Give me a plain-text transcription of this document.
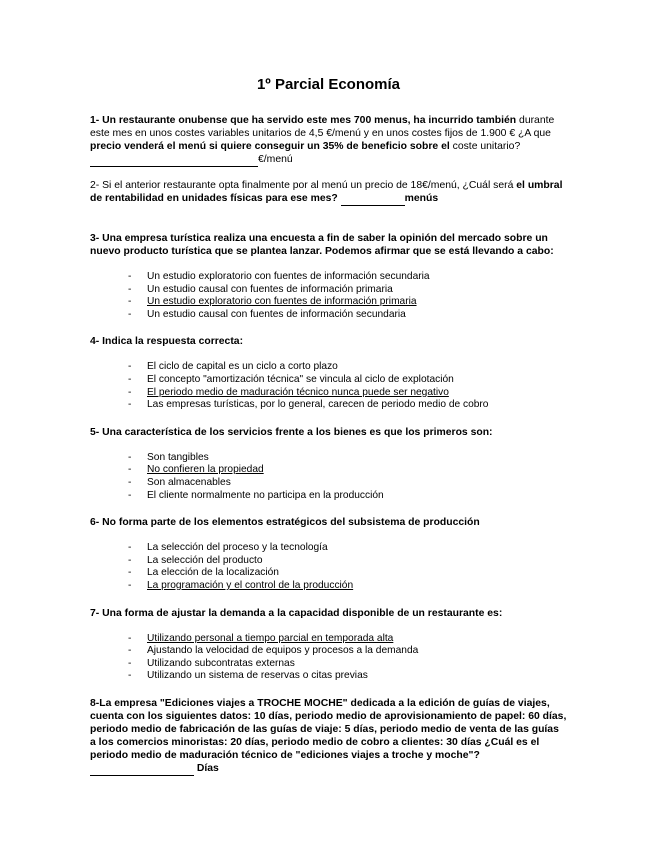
1º Parcial Economía

1- Un restaurante onubense que ha servido este mes 700 menus, ha incurrido también durante este mes en unos costes variables unitarios de 4,5 €/menú y en unos costes fijos de 1.900 € ¿A que precio venderá el menú si quiere conseguir un 35% de beneficio sobre el coste unitario?  €/menú

2- Si el anterior restaurante opta finalmente por al menú un precio de 18€/menú, ¿Cuál será el umbral de rentabilidad en unidades físicas para ese mes?	menús

3- Una empresa turística realiza una encuesta a fin de saber la opinión del mercado sobre un nuevo producto turística que se plantea lanzar. Podemos afirmar que se está llevando a cabo:

- Un estudio exploratorio con fuentes de información secundaria
- Un estudio causal con fuentes de información primaria
- Un estudio exploratorio con fuentes de información primaria
- Un estudio causal con fuentes de información secundaria

4- Indica la respuesta correcta:

- El ciclo de capital es un ciclo a corto plazo
- El concepto "amortización técnica" se vincula al ciclo de explotación
- El periodo medio de maduración técnico nunca puede ser negativo
- Las empresas turísticas, por lo general, carecen de periodo medio de cobro

5- Una característica de los servicios frente a los bienes es que los primeros son:

- Son tangibles
- No confieren la propiedad
- Son almacenables
- El cliente normalmente no participa en la producción

6- No forma parte de los elementos estratégicos del subsistema de producción

- La selección del proceso y la tecnología
- La selección del producto
- La elección de la localización
- La programación y el control de la producción

7- Una forma de ajustar la demanda a la capacidad disponible de un restaurante es:

- Utilizando personal a tiempo parcial en temporada alta
- Ajustando la velocidad de equipos y procesos a la demanda
- Utilizando subcontratas externas
- Utilizando un sistema de reservas o citas previas

8-La empresa "Ediciones viajes a TROCHE MOCHE" dedicada a la edición de guías de viajes, cuenta con los siguientes datos: 10 días, periodo medio de aprovisionamiento de papel: 60 días, periodo medio de fabricación de las guías de viaje: 5 días, periodo medio de venta de las guías a los comercios minoristas: 20 días, periodo medio de cobro a clientes: 30 días ¿Cuál es el periodo medio de maduración técnico de "ediciones viajes a troche y moche"?   Días
